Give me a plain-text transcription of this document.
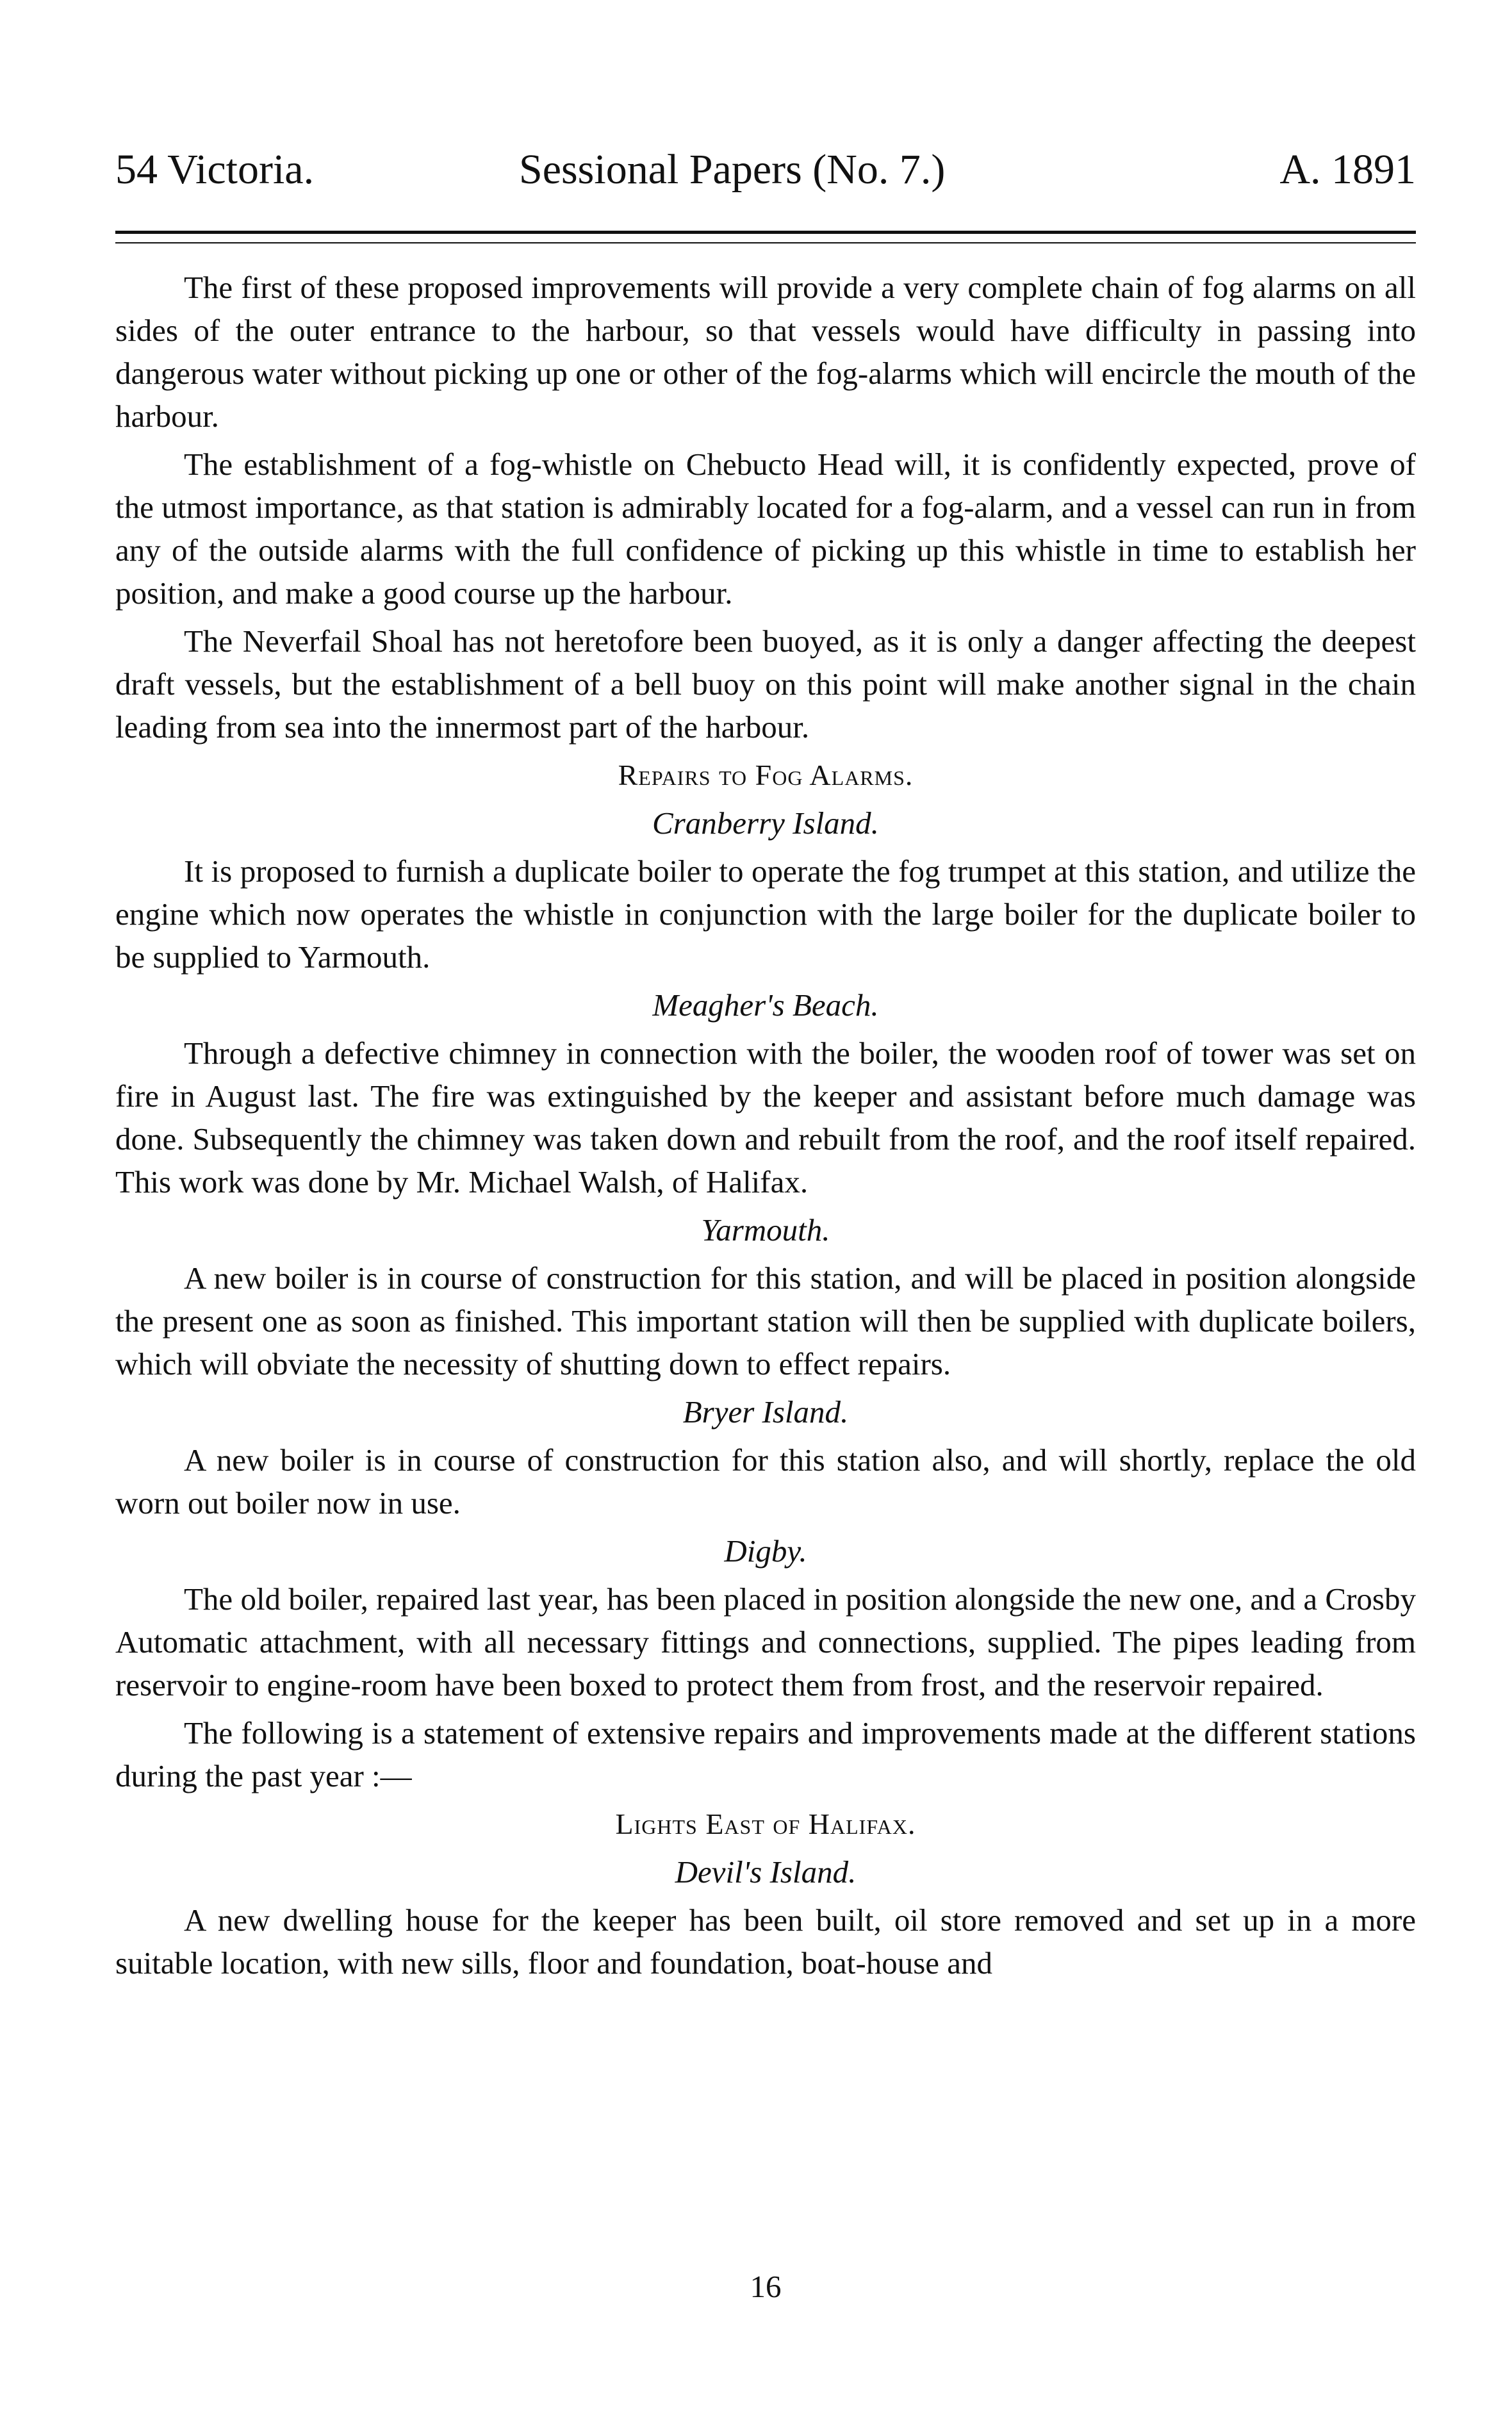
54 Victoria.	Sessional Papers (No. 7.)	A. 1891

The first of these proposed improvements will provide a very complete chain of fog alarms on all sides of the outer entrance to the harbour, so that vessels would have difficulty in passing into dangerous water without picking up one or other of the fog-alarms which will encircle the mouth of the harbour.

The establishment of a fog-whistle on Chebucto Head will, it is confidently expected, prove of the utmost importance, as that station is admirably located for a fog-alarm, and a vessel can run in from any of the outside alarms with the full confidence of picking up this whistle in time to establish her position, and make a good course up the harbour.

The Neverfail Shoal has not heretofore been buoyed, as it is only a danger affecting the deepest draft vessels, but the establishment of a bell buoy on this point will make another signal in the chain leading from sea into the innermost part of the harbour.

Repairs to Fog Alarms.

Cranberry Island.

It is proposed to furnish a duplicate boiler to operate the fog trumpet at this station, and utilize the engine which now operates the whistle in conjunction with the large boiler for the duplicate boiler to be supplied to Yarmouth.

Meagher's Beach.

Through a defective chimney in connection with the boiler, the wooden roof of tower was set on fire in August last. The fire was extinguished by the keeper and assistant before much damage was done. Subsequently the chimney was taken down and rebuilt from the roof, and the roof itself repaired. This work was done by Mr. Michael Walsh, of Halifax.

Yarmouth.

A new boiler is in course of construction for this station, and will be placed in position alongside the present one as soon as finished. This important station will then be supplied with duplicate boilers, which will obviate the necessity of shutting down to effect repairs.

Bryer Island.

A new boiler is in course of construction for this station also, and will shortly, replace the old worn out boiler now in use.

Digby.

The old boiler, repaired last year, has been placed in position alongside the new one, and a Crosby Automatic attachment, with all necessary fittings and connections, supplied. The pipes leading from reservoir to engine-room have been boxed to protect them from frost, and the reservoir repaired.

The following is a statement of extensive repairs and improvements made at the different stations during the past year :—

Lights East of Halifax.

Devil's Island.

A new dwelling house for the keeper has been built, oil store removed and set up in a more suitable location, with new sills, floor and foundation, boat-house and

16
